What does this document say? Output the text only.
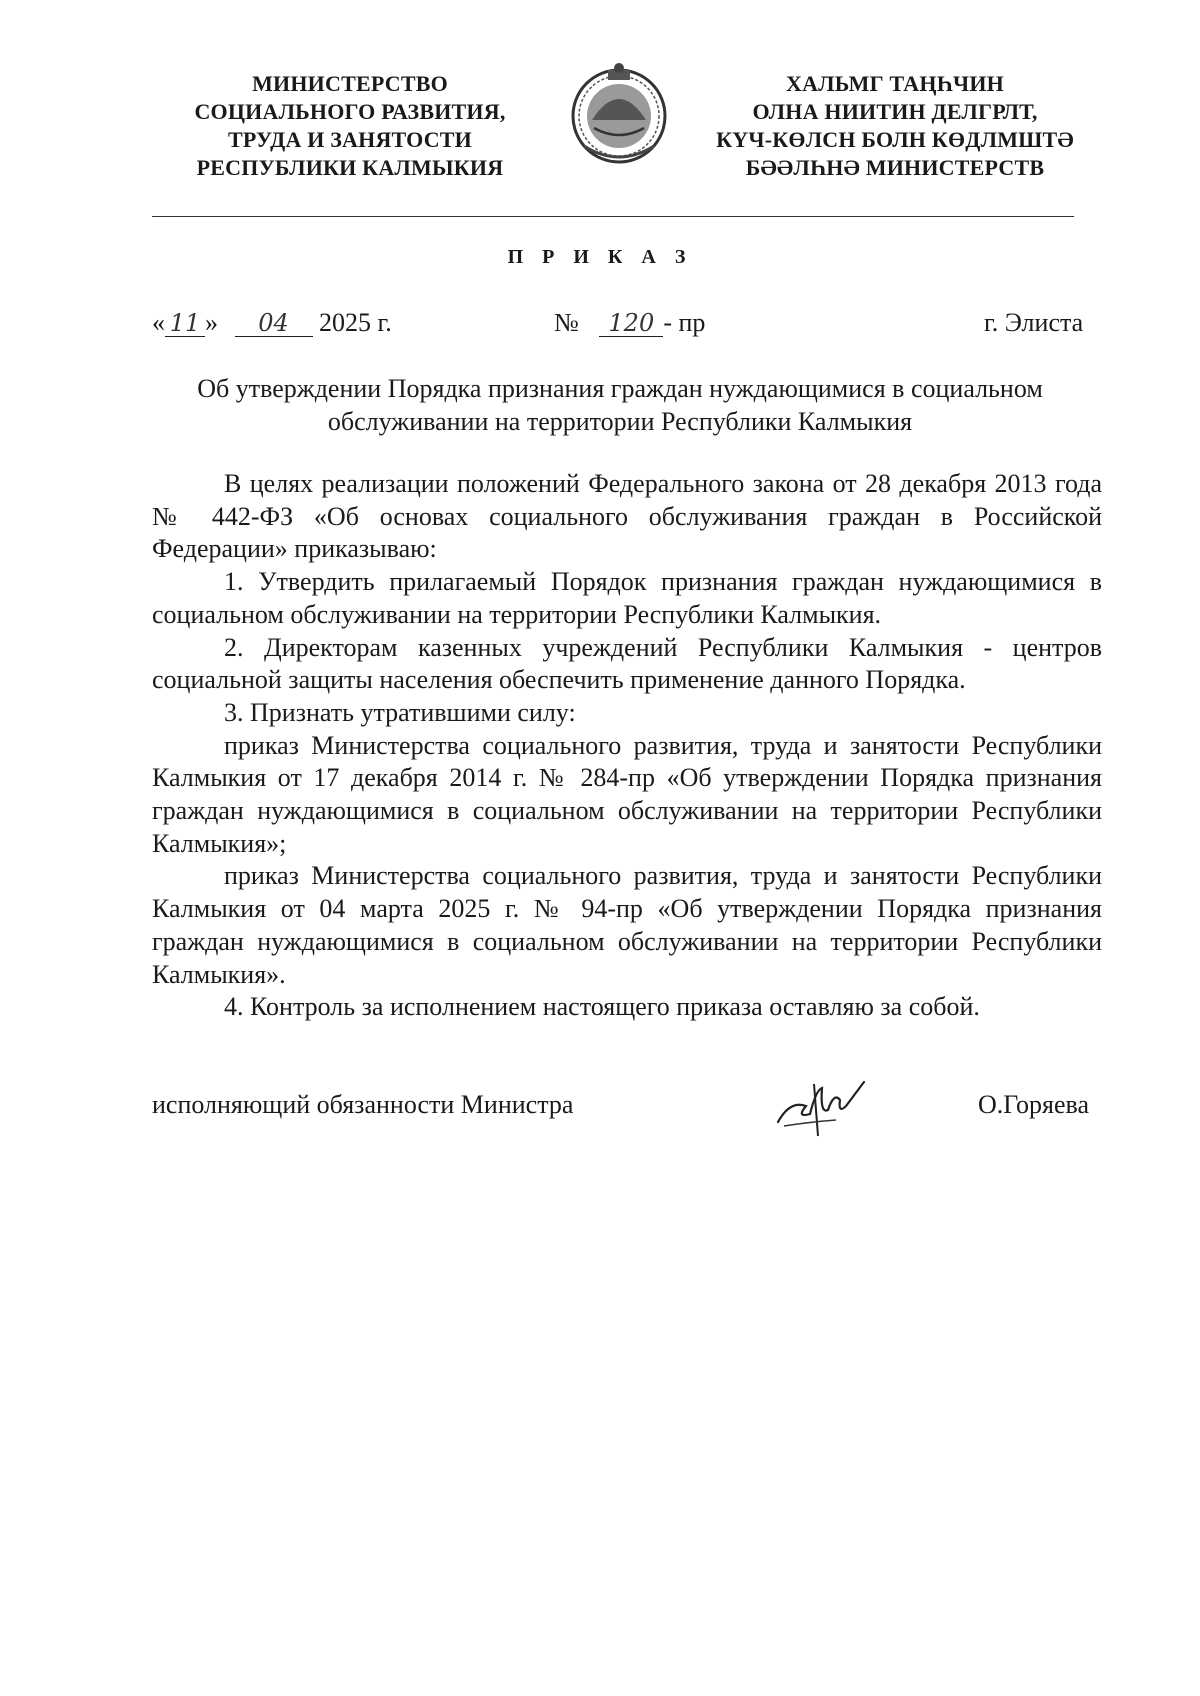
МИНИСТЕРСТВО
СОЦИАЛЬНОГО РАЗВИТИЯ,
ТРУДА И ЗАНЯТОСТИ
РЕСПУБЛИКИ КАЛМЫКИЯ
ХАЛЬМГ ТАҢҺЧИН
ОЛНА НИИТИН ДЕЛГРЛТ,
КҮЧ-КӨЛСН БОЛН КӨДЛМШТӘ
БӘӘЛҺНӘ МИНИСТЕРСТВ
П Р И К А З
« 11 » 04 2025 г.	№ 120 - пр	г. Элиста
Об утверждении Порядка признания граждан нуждающимися в социальном обслуживании на территории Республики Калмыкия

В целях реализации положений Федерального закона от 28 декабря 2013 года № 442-ФЗ «Об основах социального обслуживания граждан в Российской Федерации» приказываю:

1. Утвердить прилагаемый Порядок признания граждан нуждающимися в социальном обслуживании на территории Республики Калмыкия.

2. Директорам казенных учреждений Республики Калмыкия - центров социальной защиты населения обеспечить применение данного Порядка.

3. Признать утратившими силу:

приказ Министерства социального развития, труда и занятости Республики Калмыкия от 17 декабря 2014 г. № 284-пр «Об утверждении Порядка признания граждан нуждающимися в социальном обслуживании на территории Республики Калмыкия»;

приказ Министерства социального развития, труда и занятости Республики Калмыкия от 04 марта 2025 г. № 94-пр «Об утверждении Порядка признания граждан нуждающимися в социальном обслуживании на территории Республики Калмыкия».

4. Контроль за исполнением настоящего приказа оставляю за собой.

исполняющий обязанности Министра	О.Горяева
